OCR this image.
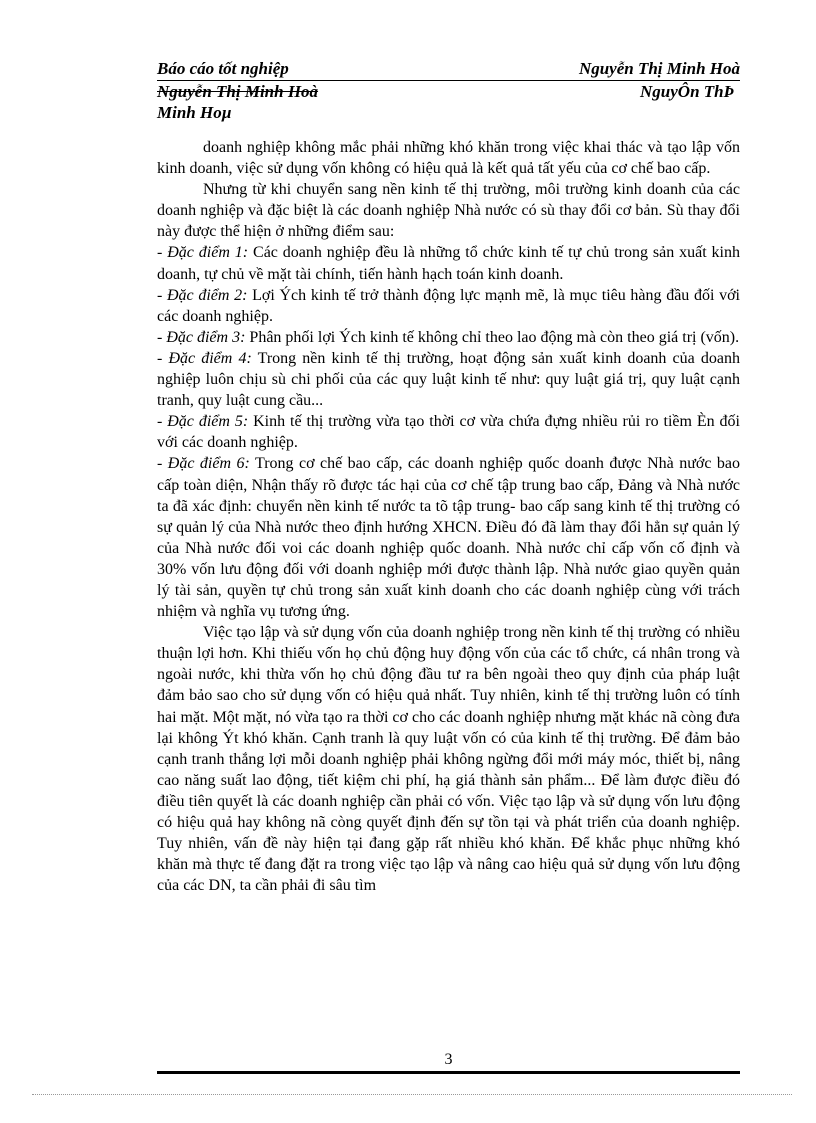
Báo cáo tốt nghiệp	Nguyễn Thị Minh Hoà
Nguyễn Thị Minh Hoà	NguyÔn ThÞ
Minh Hoµ

doanh nghiệp không mắc phải những khó khăn trong việc khai thác và tạo lập vốn kinh doanh, việc sử dụng vốn không có hiệu quả là kết quả tất yếu của cơ chế bao cấp.

Nhưng từ khi chuyển sang nền kinh tế thị trường, môi trường kinh doanh của các doanh nghiệp và đặc biệt là các doanh nghiệp Nhà nước có sù thay đổi cơ bản. Sù thay đổi này được thể hiện ở những điểm sau:

- Đặc điểm 1: Các doanh nghiệp đều là những tổ chức kinh tế tự chủ trong sản xuất kinh doanh, tự chủ về mặt tài chính, tiến hành hạch toán kinh doanh.

- Đặc điểm 2: Lợi Ých kinh tế trở thành động lực mạnh mẽ, là mục tiêu hàng đầu đối với các doanh nghiệp.

- Đặc điểm 3: Phân phối lợi Ých kinh tế không chỉ theo lao động mà còn theo giá trị (vốn).

- Đặc điểm 4: Trong nền kinh tế thị trường, hoạt động sản xuất kinh doanh của doanh nghiệp luôn chịu sù chi phối của các quy luật kinh tế như: quy luật giá trị, quy luật cạnh tranh, quy luật cung cầu...

- Đặc điểm 5: Kinh tế thị trường vừa tạo thời cơ vừa chứa đựng nhiều rủi ro tiềm Èn đối với các doanh nghiệp.

- Đặc điểm 6: Trong cơ chế bao cấp, các doanh nghiệp quốc doanh được Nhà nước bao cấp toàn diện, Nhận thấy rõ được tác hại của cơ chế tập trung bao cấp, Đảng và Nhà nước ta đã xác định: chuyển nền kinh tế nước ta tõ tập trung- bao cấp sang kinh tế thị trường có sự quản lý của Nhà nước theo định hướng XHCN. Điều đó đã làm thay đổi hẳn sự quản lý của Nhà nước đối voi các doanh nghiệp quốc doanh. Nhà nước chỉ cấp vốn cố định và 30% vốn lưu động đối với doanh nghiệp mới được thành lập. Nhà nước giao quyền quản lý tài sản, quyền tự chủ trong sản xuất kinh doanh cho các doanh nghiệp cùng với trách nhiệm và nghĩa vụ tương ứng.

Việc tạo lập và sử dụng vốn của doanh nghiệp trong nền kinh tế thị trường có nhiều thuận lợi hơn. Khi thiếu vốn họ chủ động huy động vốn của các tổ chức, cá nhân trong và ngoài nước, khi thừa vốn họ chủ động đầu tư ra bên ngoài theo quy định của pháp luật đảm bảo sao cho sử dụng vốn có hiệu quả nhất. Tuy nhiên, kinh tế thị trường luôn có tính hai mặt. Một mặt, nó vừa tạo ra thời cơ cho các doanh nghiệp nhưng mặt khác nã còng đưa lại không Ýt khó khăn. Cạnh tranh là quy luật vốn có của kinh tế thị trường. Để đảm bảo cạnh tranh thắng lợi mỗi doanh nghiệp phải không ngừng đổi mới máy móc, thiết bị, nâng cao năng suất lao động, tiết kiệm chi phí, hạ giá thành sản phẩm... Để làm được điều đó điều tiên quyết là các doanh nghiệp cần phải có vốn. Việc tạo lập và sử dụng vốn lưu động có hiệu quả hay không nã còng quyết định đến sự tồn tại và phát triển của doanh nghiệp. Tuy nhiên, vấn đề này hiện tại đang gặp rất nhiều khó khăn. Để khắc phục những khó khăn mà thực tế đang đặt ra trong việc tạo lập và nâng cao hiệu quả sử dụng vốn lưu động của các DN, ta cần phải đi sâu tìm

3
